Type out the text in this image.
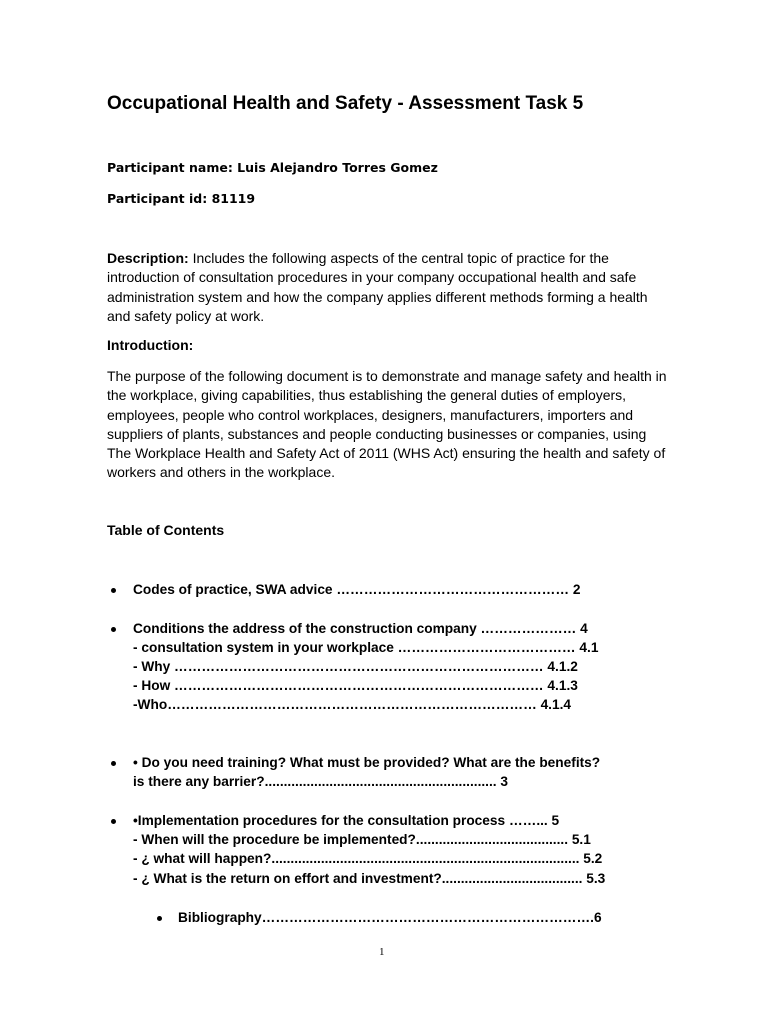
Occupational Health and Safety - Assessment Task 5
Participant name: Luis Alejandro Torres Gomez
Participant id: 81119
Description: Includes the following aspects of the central topic of practice for the introduction of consultation procedures in your company occupational health and safe administration system and how the company applies different methods forming a health and safety policy at work.
Introduction:
The purpose of the following document is to demonstrate and manage safety and health in the workplace, giving capabilities, thus establishing the general duties of employers, employees, people who control workplaces, designers, manufacturers, importers and suppliers of plants, substances and people conducting businesses or companies, using The Workplace Health and Safety Act of 2011 (WHS Act) ensuring the health and safety of workers and others in the workplace.
Table of Contents
Codes of practice, SWA advice …………………………………………… 2
Conditions the address of the construction company ………………… 4
- consultation system in your workplace ………………………………… 4.1
- Why ……………………………………………………………………… 4.1.2
- How ……………………………………………………………………… 4.1.3
-Who……………………………………………………………………… 4.1.4
• Do you need training? What must be provided? What are the benefits?
is there any barrier?............................................................. 3
•Implementation procedures for the consultation process ……... 5
- When will the procedure be implemented?........................................ 5.1
- ¿ what will happen?................................................................................. 5.2
- ¿ What is the return on effort and investment?..................................... 5.3
Bibliography……………………………………………………………….6
1
